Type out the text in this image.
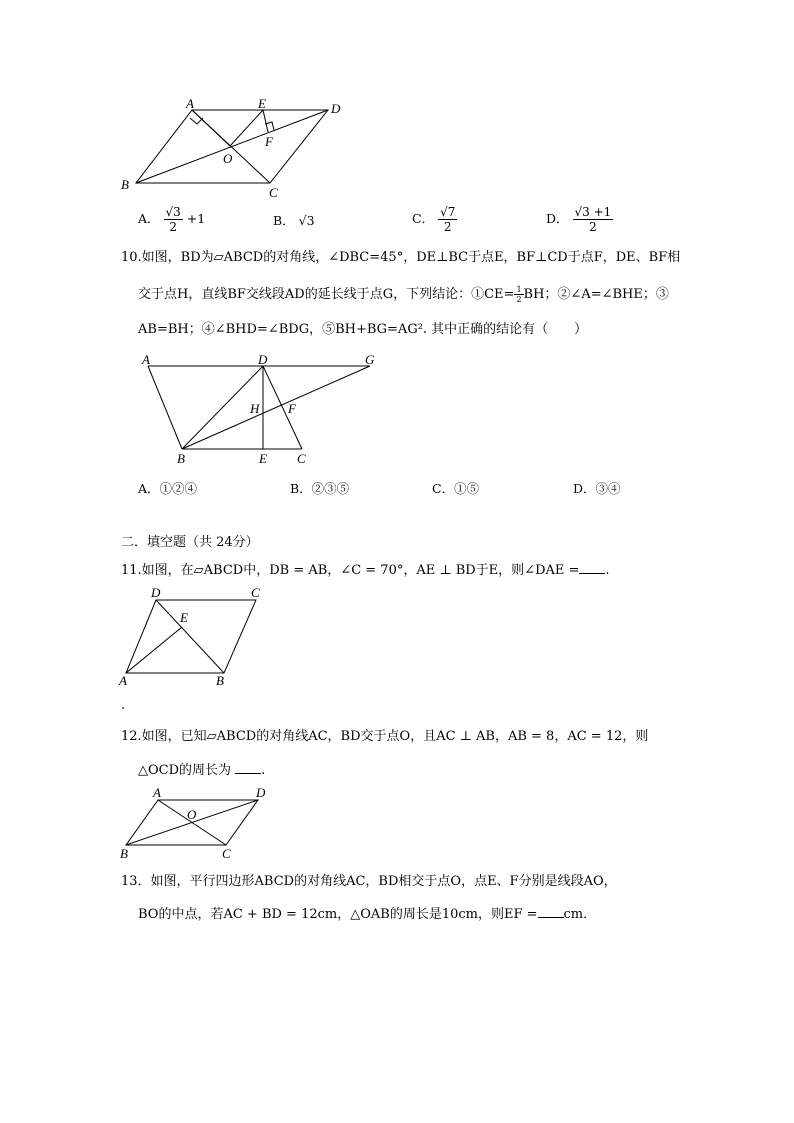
A	E	D
F
O
B
C
A． $\frac{√3}{2} +1$	B． √3	C． $\frac{√7}{2}$	D． $\frac{√3 +1}{2}$
10.如图，BD为▱ABCD的对角线，∠DBC=45°，DE⊥BC于点E，BF⊥CD于点F，DE、BF相
交于点H，直线BF交线段AD的延长线于点G，下列结论：①CE= $\frac{1}{2}$ BH；②∠A=∠BHE；③
AB=BH；④∠BHD=∠BDG，⑤BH+BG=AG². 其中正确的结论有（　　）
A	D	G
H F
B	E C
A．①②④	B．②③⑤	C．①⑤	D．③④
二．填空题（共 24分）
11.如图，在▱ABCD中，DB = AB，∠C = 70°，AE ⊥ BD于E，则∠DAE = .
D	C
E
A	B
.
12.如图，已知▱ABCD的对角线AC，BD交于点O，且AC ⊥ AB，AB = 8，AC = 12，则
△OCD的周长为 .
A	D
O
B	C
13．如图，平行四边形ABCD的对角线AC，BD相交于点O，点E、F分别是线段AO，
BO的中点，若AC + BD = 12cm，△OAB的周长是10cm，则EF = cm．
